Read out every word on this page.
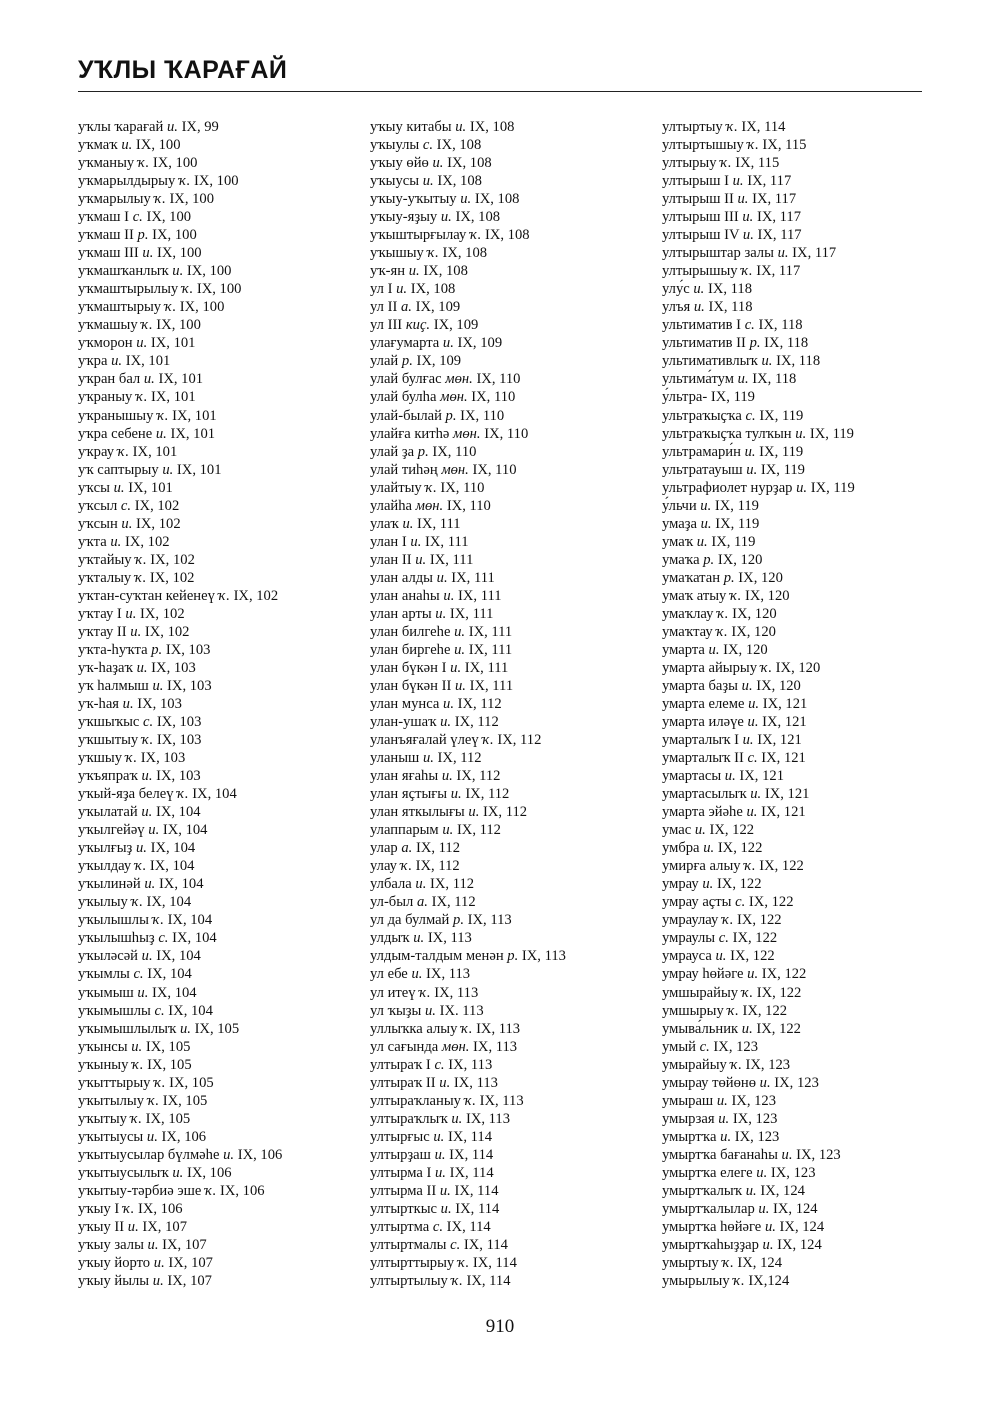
УҠЛЫ ҠАРАҒАЙ
уҡлы ҡарағай и. IX, 99
уҡмаҡ и. IX, 100
уҡманыу ҡ. IX, 100
уҡмарылдырыу ҡ. IX, 100
уҡмарылыу ҡ. IX, 100
уҡмаш I с. IX, 100
уҡмаш II р. IX, 100
уҡмаш III и. IX, 100
уҡмашҡанлыҡ и. IX, 100
уҡмаштырылыу ҡ. IX, 100
уҡмаштырыу ҡ. IX, 100
уҡмашыу ҡ. IX, 100
уҡморон и. IX, 101
уҡра и. IX, 101
уҡран бал и. IX, 101
уҡраныу ҡ. IX, 101
уҡранышыу ҡ. IX, 101
уҡра себене и. IX, 101
уҡрау ҡ. IX, 101
уҡ саптырыу и. IX, 101
уҡсы и. IX, 101
уҡсыл с. IX, 102
уҡсын и. IX, 102
уҡта и. IX, 102
уҡтайыу ҡ. IX, 102
уҡталыу ҡ. IX, 102
уҡтан-суҡтан кейенеү ҡ. IX, 102
уҡтау I и. IX, 102
уҡтау II и. IX, 102
уҡта-һуҡта р. IX, 103
уҡ-һаҙаҡ и. IX, 103
уҡ һалмыш и. IX, 103
уҡ-һая и. IX, 103
уҡшыҡыс с. IX, 103
уҡшытыу ҡ. IX, 103
уҡшыу ҡ. IX, 103
уҡъяпраҡ и. IX, 103
уҡый-яҙа белеү ҡ. IX, 104
уҡылатай и. IX, 104
уҡылгейәү и. IX, 104
уҡылғыҙ и. IX, 104
уҡылдау ҡ. IX, 104
уҡылинәй и. IX, 104
уҡылыу ҡ. IX, 104
уҡылышлы ҡ. IX, 104
уҡылышһыҙ с. IX, 104
уҡыләсәй и. IX, 104
уҡымлы с. IX, 104
уҡымыш и. IX, 104
уҡымышлы с. IX, 104
уҡымышлылыҡ и. IX, 105
уҡынсы и. IX, 105
уҡыныу ҡ. IX, 105
уҡыттырыу ҡ. IX, 105
уҡытылыу ҡ. IX, 105
уҡытыу ҡ. IX, 105
уҡытыусы и. IX, 106
уҡытыусылар бүлмәһе и. IX, 106
уҡытыусылыҡ и. IX, 106
уҡытыу-тәрбиә эше ҡ. IX, 106
уҡыу I ҡ. IX, 106
уҡыу II и. IX, 107
уҡыу залы и. IX, 107
уҡыу йорто и. IX, 107
уҡыу йылы и. IX, 107
уҡыу китабы и. IX, 108
уҡыулы с. IX, 108
уҡыу өйө и. IX, 108
уҡыусы и. IX, 108
уҡыу-уҡытыу и. IX, 108
уҡыу-яҙыу и. IX, 108
уҡыштырғылау ҡ. IX, 108
уҡышыу ҡ. IX, 108
уҡ-ян и. IX, 108
ул I и. IX, 108
ул II а. IX, 109
ул III киҫ. IX, 109
улағумарта и. IX, 109
улай р. IX, 109
улай булғас мөн. IX, 110
улай булһа мөн. IX, 110
улай-былай р. IX, 110
улайға китһә мөн. IX, 110
улай ҙа р. IX, 110
улай тиһәң мөн. IX, 110
улайтыу ҡ. IX, 110
улайһа мөн. IX, 110
улаҡ и. IX, 111
улан I и. IX, 111
улан II и. IX, 111
улан алды и. IX, 111
улан анаһы и. IX, 111
улан арты и. IX, 111
улан билгеһе и. IX, 111
улан биргеһе и. IX, 111
улан бүкән I и. IX, 111
улан бүкән II и. IX, 111
улан мунса и. IX, 112
улан-ушаҡ и. IX, 112
уланъяғалай үлеү ҡ. IX, 112
уланыш и. IX, 112
улан яғаһы и. IX, 112
улан яҫтығы и. IX, 112
улан яткылығы и. IX, 112
улаппарым и. IX, 112
улар а. IX, 112
улау ҡ. IX, 112
улбала и. IX, 112
ул-был а. IX, 112
ул да булмай р. IX, 113
улдыҡ и. IX, 113
улдым-талдым менән р. IX, 113
ул ебе и. IX, 113
ул итеү ҡ. IX, 113
ул ҡыҙы и. IX. 113
уллыҡка алыу ҡ. IX, 113
ул сағында мөн. IX, 113
ултыраҡ I с. IX, 113
ултыраҡ II и. IX, 113
ултыраҡланыу ҡ. IX, 113
ултыраҡлыҡ и. IX, 113
ултырғыс и. IX, 114
ултырҙаш и. IX, 114
ултырма I и. IX, 114
ултырма II и. IX, 114
ултырткыс и. IX, 114
ултыртма с. IX, 114
ултыртмалы с. IX, 114
ултырттырыу ҡ. IX, 114
ултыртылыу ҡ. IX, 114
ултыртыу ҡ. IX, 114
ултыртышыу ҡ. IX, 115
ултырыу ҡ. IX, 115
ултырыш I и. IX, 117
ултырыш II и. IX, 117
ултырыш III и. IX, 117
ултырыш IV и. IX, 117
ултырыштар залы и. IX, 117
ултырышыу ҡ. IX, 117
улу́с и. IX, 118
улъя и. IX, 118
ультиматив I с. IX, 118
ультиматив II р. IX, 118
ультимативлыҡ и. IX, 118
ультима́тум и. IX, 118
у́льтра- IX, 119
ультраҡыҫҡа с. IX, 119
ультраҡыҫҡа тулҡын и. IX, 119
ультрамари́н и. IX, 119
ультратауыш и. IX, 119
ультрафиолет нурҙар и. IX, 119
у́льчи и. IX, 119
умаҙа и. IX, 119
умаҡ и. IX, 119
умаҡа р. IX, 120
умаҡатан р. IX, 120
умаҡ атыу ҡ. IX, 120
умаҡлау ҡ. IX, 120
умаҡтау ҡ. IX, 120
умарта и. IX, 120
умарта айырыу ҡ. IX, 120
умарта баҙы и. IX, 120
умарта елеме и. IX, 121
умарта иләүе и. IX, 121
умарталыҡ I и. IX, 121
умарталыҡ II с. IX, 121
умартасы и. IX, 121
умартасылыҡ и. IX, 121
умарта эйәһе и. IX, 121
умас и. IX, 122
умбра и. IX, 122
умирға алыу ҡ. IX, 122
умрау и. IX, 122
умрау аҫты с. IX, 122
умраулау ҡ. IX, 122
умраулы с. IX, 122
умрауса и. IX, 122
умрау һөйәге и. IX, 122
умшырайыу ҡ. IX, 122
умшырыу ҡ. IX, 122
умыва́льник и. IX, 122
умый с. IX, 123
умырайыу ҡ. IX, 123
умырау төйөнө и. IX, 123
умыраш и. IX, 123
умырзая и. IX, 123
умыртҡа и. IX, 123
умыртҡа бағанаһы и. IX, 123
умыртҡа елеге и. IX, 123
умыртҡалыҡ и. IX, 124
умыртҡалылар и. IX, 124
умыртҡа һөйәге и. IX, 124
умыртҡаһыҙҙар и. IX, 124
умыртыу ҡ. IX, 124
умырылыу ҡ. IX,124
910
